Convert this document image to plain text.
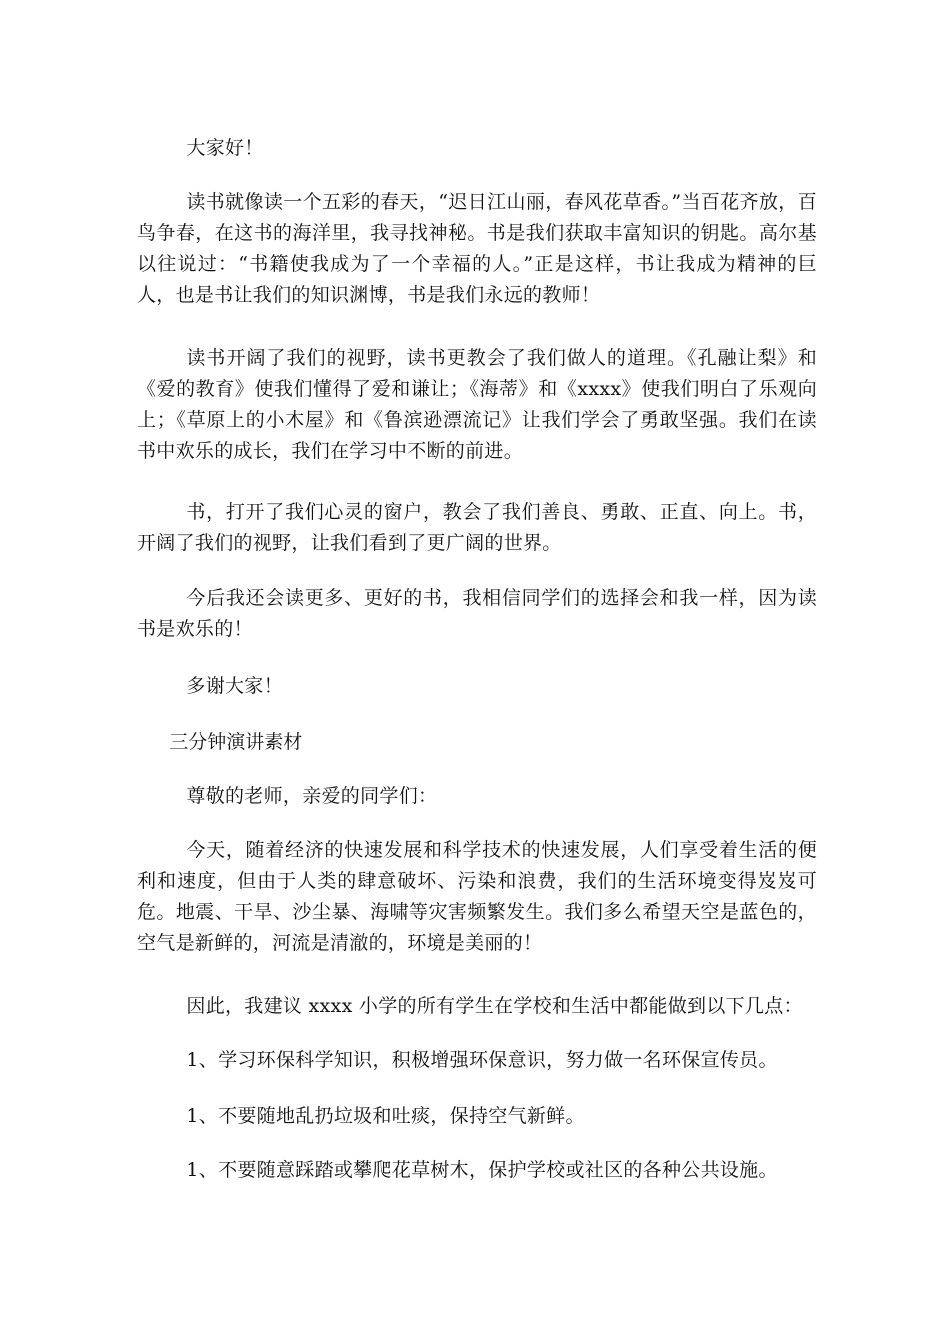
大家好！

读书就像读一个五彩的春天，“迟日江山丽，春风花草香。”当百花齐放，百鸟争春，在这书的海洋里，我寻找神秘。书是我们获取丰富知识的钥匙。高尔基以往说过：“书籍使我成为了一个幸福的人。”正是这样，书让我成为精神的巨人，也是书让我们的知识渊博，书是我们永远的教师！

读书开阔了我们的视野，读书更教会了我们做人的道理。《孔融让梨》和《爱的教育》使我们懂得了爱和谦让；《海蒂》和《xxxx》使我们明白了乐观向上；《草原上的小木屋》和《鲁滨逊漂流记》让我们学会了勇敢坚强。我们在读书中欢乐的成长，我们在学习中不断的前进。

书，打开了我们心灵的窗户，教会了我们善良、勇敢、正直、向上。书，开阔了我们的视野，让我们看到了更广阔的世界。

今后我还会读更多、更好的书，我相信同学们的选择会和我一样，因为读书是欢乐的！

多谢大家！

三分钟演讲素材

尊敬的老师，亲爱的同学们：

今天，随着经济的快速发展和科学技术的快速发展，人们享受着生活的便利和速度，但由于人类的肆意破坏、污染和浪费，我们的生活环境变得岌岌可危。地震、干旱、沙尘暴、海啸等灾害频繁发生。我们多么希望天空是蓝色的，空气是新鲜的，河流是清澈的，环境是美丽的！

因此，我建议 xxxx 小学的所有学生在学校和生活中都能做到以下几点：

1、学习环保科学知识，积极增强环保意识，努力做一名环保宣传员。

1、不要随地乱扔垃圾和吐痰，保持空气新鲜。

1、不要随意踩踏或攀爬花草树木，保护学校或社区的各种公共设施。
